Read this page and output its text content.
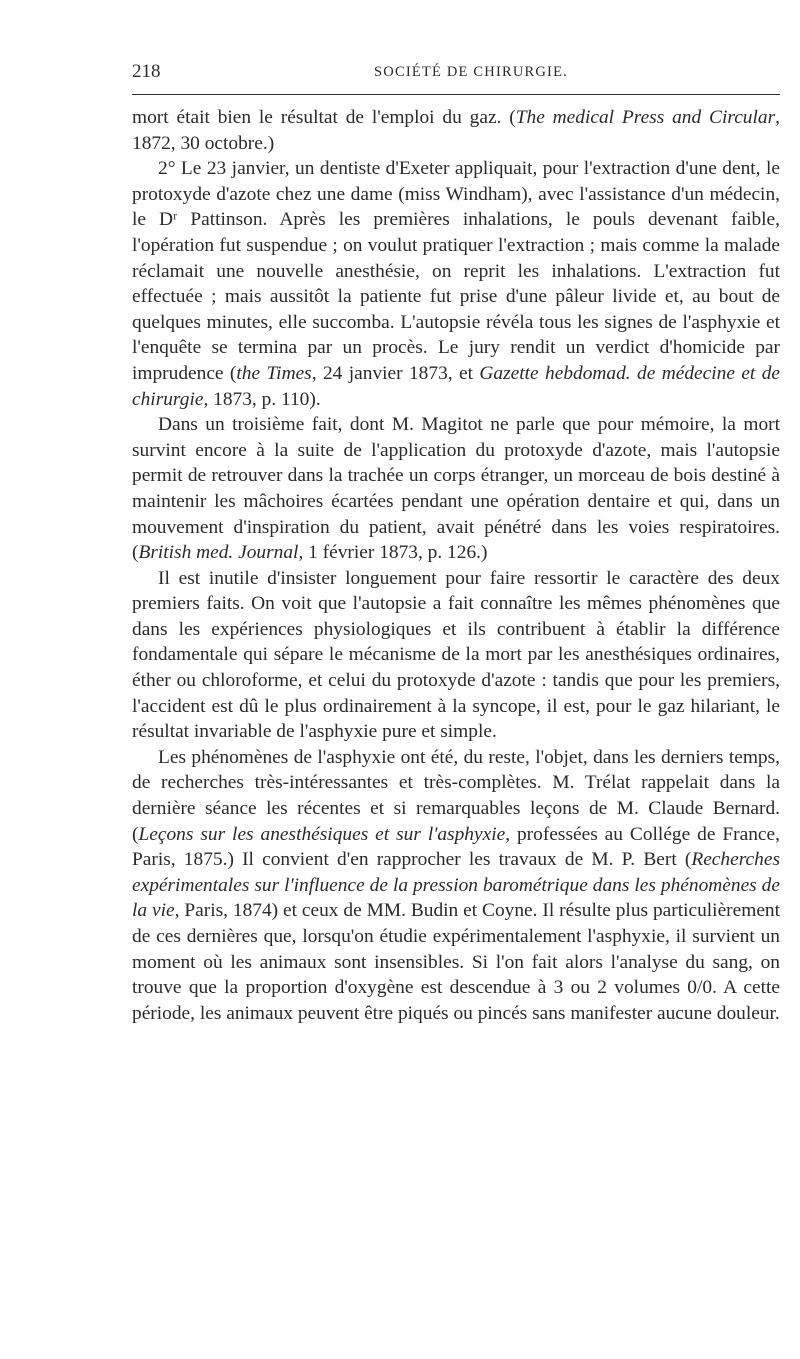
218	SOCIÉTÉ DE CHIRURGIE.

mort était bien le résultat de l'emploi du gaz. (The medical Press and Circular, 1872, 30 octobre.)

2° Le 23 janvier, un dentiste d'Exeter appliquait, pour l'extraction d'une dent, le protoxyde d'azote chez une dame (miss Windham), avec l'assistance d'un médecin, le Dʳ Pattinson. Après les premières inhalations, le pouls devenant faible, l'opération fut suspendue ; on voulut pratiquer l'extraction ; mais comme la malade réclamait une nouvelle anesthésie, on reprit les inhalations. L'extraction fut effectuée ; mais aussitôt la patiente fut prise d'une pâleur livide et, au bout de quelques minutes, elle succomba. L'autopsie révéla tous les signes de l'asphyxie et l'enquête se termina par un procès. Le jury rendit un verdict d'homicide par imprudence (the Times, 24 janvier 1873, et Gazette hebdomad. de médecine et de chirurgie, 1873, p. 110).

Dans un troisième fait, dont M. Magitot ne parle que pour mémoire, la mort survint encore à la suite de l'application du protoxyde d'azote, mais l'autopsie permit de retrouver dans la trachée un corps étranger, un morceau de bois destiné à maintenir les mâchoires écartées pendant une opération dentaire et qui, dans un mouvement d'inspiration du patient, avait pénétré dans les voies respiratoires. (British med. Journal, 1 février 1873, p. 126.)

Il est inutile d'insister longuement pour faire ressortir le caractère des deux premiers faits. On voit que l'autopsie a fait connaître les mêmes phénomènes que dans les expériences physiologiques et ils contribuent à établir la différence fondamentale qui sépare le mécanisme de la mort par les anesthésiques ordinaires, éther ou chloroforme, et celui du protoxyde d'azote : tandis que pour les premiers, l'accident est dû le plus ordinairement à la syncope, il est, pour le gaz hilariant, le résultat invariable de l'asphyxie pure et simple.

Les phénomènes de l'asphyxie ont été, du reste, l'objet, dans les derniers temps, de recherches très-intéressantes et très-complètes. M. Trélat rappelait dans la dernière séance les récentes et si remarquables leçons de M. Claude Bernard. (Leçons sur les anesthésiques et sur l'asphyxie, professées au Collége de France, Paris, 1875.) Il convient d'en rapprocher les travaux de M. P. Bert (Recherches expérimentales sur l'influence de la pression barométrique dans les phénomènes de la vie, Paris, 1874) et ceux de MM. Budin et Coyne. Il résulte plus particulièrement de ces dernières que, lorsqu'on étudie expérimentalement l'asphyxie, il survient un moment où les animaux sont insensibles. Si l'on fait alors l'analyse du sang, on trouve que la proportion d'oxygène est descendue à 3 ou 2 volumes 0/0. A cette période, les animaux peuvent être piqués ou pincés sans manifester aucune douleur.
